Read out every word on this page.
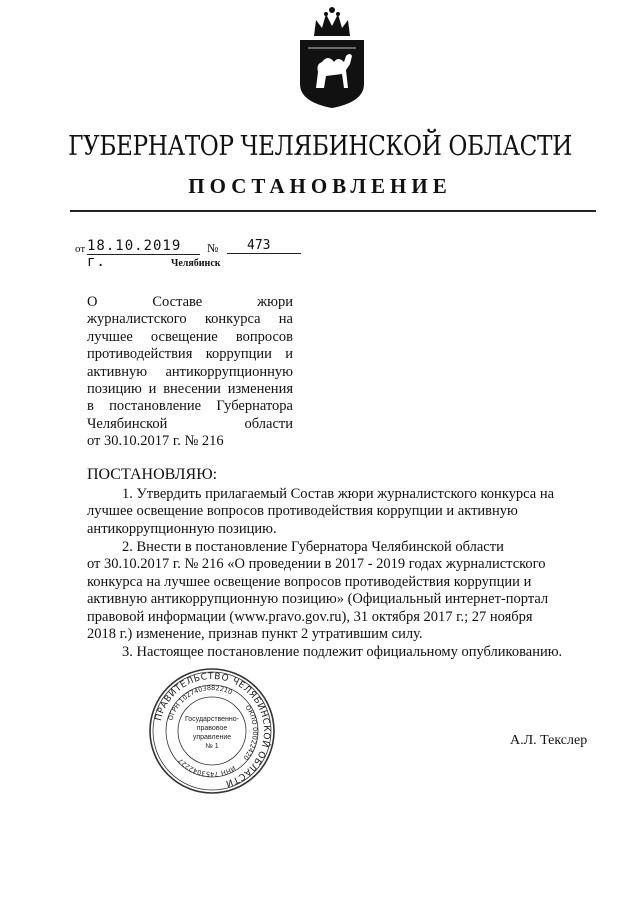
ГУБЕРНАТОР ЧЕЛЯБИНСКОЙ ОБЛАСТИ
ПОСТАНОВЛЕНИЕ
от 18.10.2019 г.
№	473
Челябинск
О Составе жюри
журналистского конкурса на
лучшее освещение вопросов
противодействия коррупции и
активную антикоррупционную
позицию и внесении изменения
в постановление Губернатора
Челябинской области
от 30.10.2017 г. № 216
ПОСТАНОВЛЯЮ:
1. Утвердить прилагаемый Состав жюри журналистского конкурса на
лучшее освещение вопросов противодействия коррупции и активную
антикоррупционную позицию.
2. Внести в постановление Губернатора Челябинской области
от 30.10.2017 г. № 216 «О проведении в 2017 - 2019 годах журналистского
конкурса на лучшее освещение вопросов противодействия коррупции и
активную антикоррупционную позицию» (Официальный интернет-портал
правовой информации (www.pravo.gov.ru), 31 октября 2017 г.; 27 ноября
2018 г.) изменение, признав пункт 2 утратившим силу.
3. Настоящее постановление подлежит официальному опубликованию.
ПРАВИТЕЛЬСТВО ЧЕЛЯБИНСКОЙ ОБЛАСТИ
ОГРН 1027403882210
ОКПО 00022420
ИНН 7453042227
Государственно-
правовое
управление
№ 1	А.Л. Текслер
